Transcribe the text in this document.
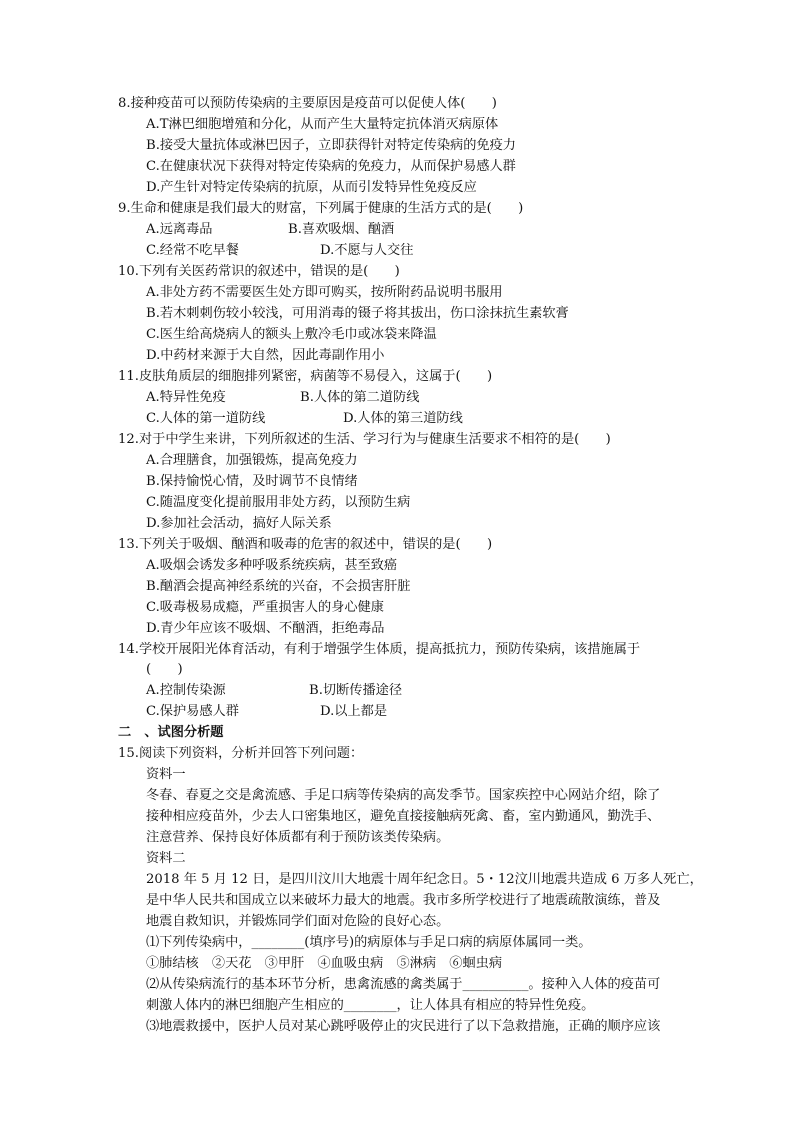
8.接种疫苗可以预防传染病的主要原因是疫苗可以促使人体(　　)
A.T淋巴细胞增殖和分化，从而产生大量特定抗体消灭病原体
B.接受大量抗体或淋巴因子，立即获得针对特定传染病的免疫力
C.在健康状况下获得对特定传染病的免疫力，从而保护易感人群
D.产生针对特定传染病的抗原，从而引发特异性免疫反应
9.生命和健康是我们最大的财富，下列属于健康的生活方式的是(　　)
A.远离毒品	B.喜欢吸烟、酗酒
C.经常不吃早餐	D.不愿与人交往
10.下列有关医药常识的叙述中，错误的是(　　)
A.非处方药不需要医生处方即可购买，按所附药品说明书服用
B.若木刺刺伤较小较浅，可用消毒的镊子将其拔出，伤口涂抹抗生素软膏
C.医生给高烧病人的额头上敷冷毛巾或冰袋来降温
D.中药材来源于大自然，因此毒副作用小
11.皮肤角质层的细胞排列紧密，病菌等不易侵入，这属于(　　)
A.特异性免疫	B.人体的第二道防线
C.人体的第一道防线	D.人体的第三道防线
12.对于中学生来讲，下列所叙述的生活、学习行为与健康生活要求不相符的是(　　)
A.合理膳食，加强锻炼，提高免疫力
B.保持愉悦心情，及时调节不良情绪
C.随温度变化提前服用非处方药，以预防生病
D.参加社会活动，搞好人际关系
13.下列关于吸烟、酗酒和吸毒的危害的叙述中，错误的是(　　)
A.吸烟会诱发多种呼吸系统疾病，甚至致癌
B.酗酒会提高神经系统的兴奋，不会损害肝脏
C.吸毒极易成瘾，严重损害人的身心健康
D.青少年应该不吸烟、不酗酒，拒绝毒品
14.学校开展阳光体育活动，有利于增强学生体质，提高抵抗力，预防传染病，该措施属于
(　　)
A.控制传染源	B.切断传播途径
C.保护易感人群	D.以上都是
二　、试图分析题
15.阅读下列资料，分析并回答下列问题：
资料一
冬春、春夏之交是禽流感、手足口病等传染病的高发季节。国家疾控中心网站介绍，除了
接种相应疫苗外，少去人口密集地区，避免直接接触病死禽、畜，室内勤通风，勤洗手、
注意营养、保持良好体质都有利于预防该类传染病。
资料二
2018 年 5 月 12 日，是四川汶川大地震十周年纪念日。5・12汶川地震共造成 6 万多人死亡，
是中华人民共和国成立以来破坏力最大的地震。我市多所学校进行了地震疏散演练，普及
地震自救知识，并锻炼同学们面对危险的良好心态。
⑴下列传染病中，________(填序号)的病原体与手足口病的病原体属同一类。
①肺结核　②天花　③甲肝　④血吸虫病　⑤淋病　⑥蛔虫病
⑵从传染病流行的基本环节分析，患禽流感的禽类属于__________。接种入人体的疫苗可
刺激人体内的淋巴细胞产生相应的________，让人体具有相应的特异性免疫。
⑶地震救援中，医护人员对某心跳呼吸停止的灾民进行了以下急救措施，正确的顺序应该
